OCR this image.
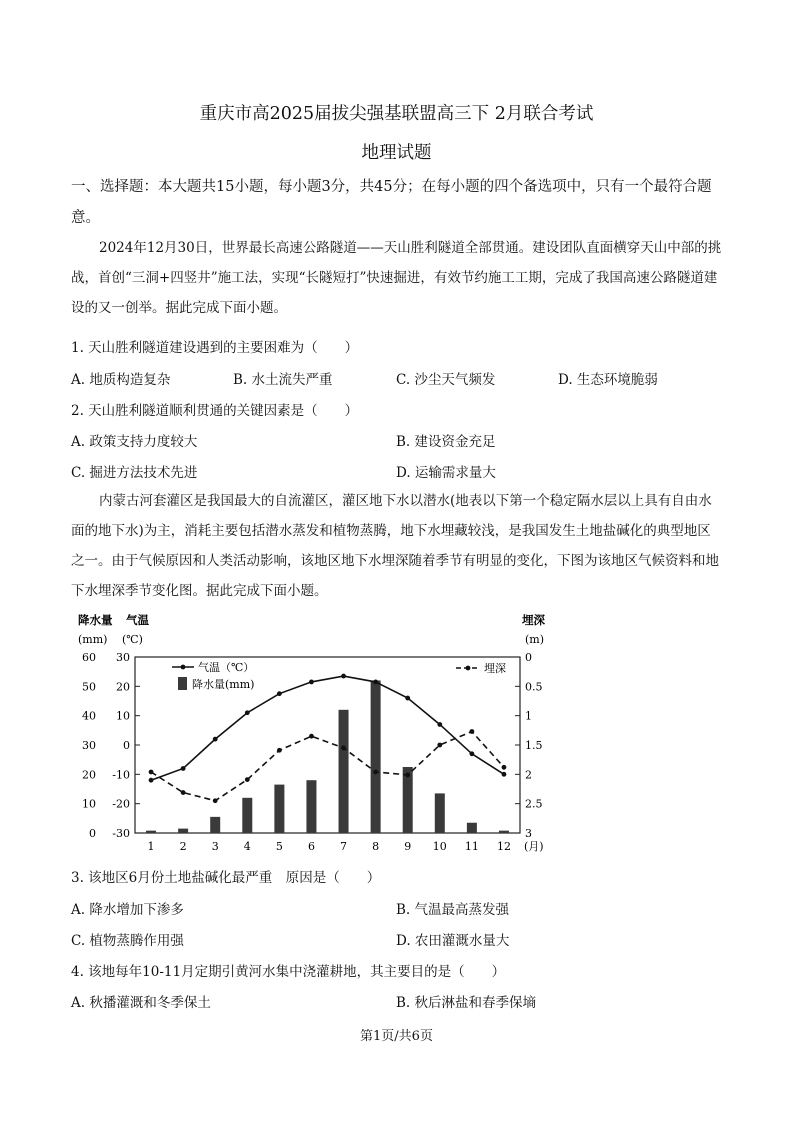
重庆市高2025届拔尖强基联盟高三下 2月联合考试
地理试题
一、选择题：本大题共15小题，每小题3分，共45分；在每小题的四个备选项中，只有一个最符合题意。
2024年12月30日，世界最长高速公路隧道——天山胜利隧道全部贯通。建设团队直面横穿天山中部的挑战，首创“三洞+四竖井”施工法，实现“长隧短打”快速掘进，有效节约施工工期，完成了我国高速公路隧道建设的又一创举。据此完成下面小题。
1. 天山胜利隧道建设遇到的主要困难为（　　）
A. 地质构造复杂	B. 水土流失严重	C. 沙尘天气频发	D. 生态环境脆弱
2. 天山胜利隧道顺利贯通的关键因素是（　　）
A. 政策支持力度较大	B. 建设资金充足
C. 掘进方法技术先进	D. 运输需求量大
内蒙古河套灌区是我国最大的自流灌区，灌区地下水以潜水(地表以下第一个稳定隔水层以上具有自由水面的地下水)为主，消耗主要包括潜水蒸发和植物蒸腾，地下水埋藏较浅，是我国发生土地盐碱化的典型地区之一。由于气候原因和人类活动影响，该地区地下水埋深随着季节有明显的变化，下图为该地区气候资料和地下水埋深季节变化图。据此完成下面小题。
降水量 气温
(mm) (℃)
埋深
(m)
60 30	0
50 20	0.5
40 10	1
30 0	1.5
20 -10	2
10 -20	2.5
0 -30	3
1 2 3 4 5 6 7 8 9 10 11 12 (月)
气温（℃）
降水量(mm)
埋深
3. 该地区6月份土地盐碱化最严重　原因是（　　）
A. 降水增加下渗多	B. 气温最高蒸发强
C. 植物蒸腾作用强	D. 农田灌溉水量大
4. 该地每年10-11月定期引黄河水集中浇灌耕地，其主要目的是（　　）
A. 秋播灌溉和冬季保土	B. 秋后淋盐和春季保墒
第1页/共6页
